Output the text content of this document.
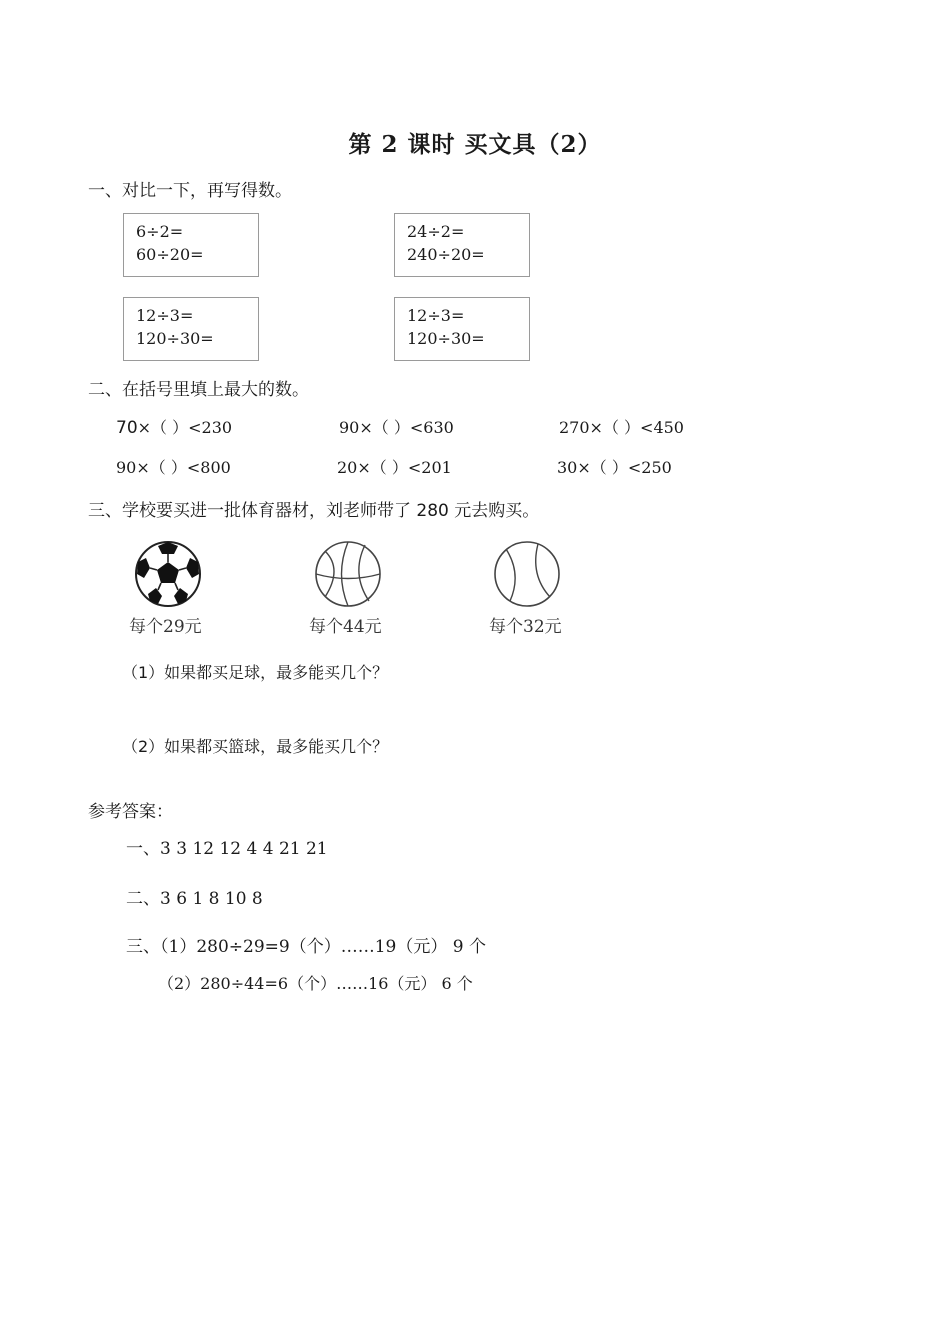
第 2 课时 买文具（2）
一、对比一下，再写得数。
6÷2=
60÷20=
24÷2=
240÷20=
12÷3=
120÷30=
12÷3=
120÷30=
二、在括号里填上最大的数。
70×（ ）<230	90×（ ）<630	270×（ ）<450
90×（ ）<800	20×（ ）<201	30×（ ）<250
三、学校要买进一批体育器材，刘老师带了 280 元去购买。
每个29元	每个44元	每个32元
（1）如果都买足球，最多能买几个？
（2）如果都买篮球，最多能买几个？
参考答案：
一、3 3 12 12 4 4 21 21
二、3 6 1 8 10 8
三、（1）280÷29=9（个）……19（元） 9 个
（2）280÷44=6（个）……16（元） 6 个
